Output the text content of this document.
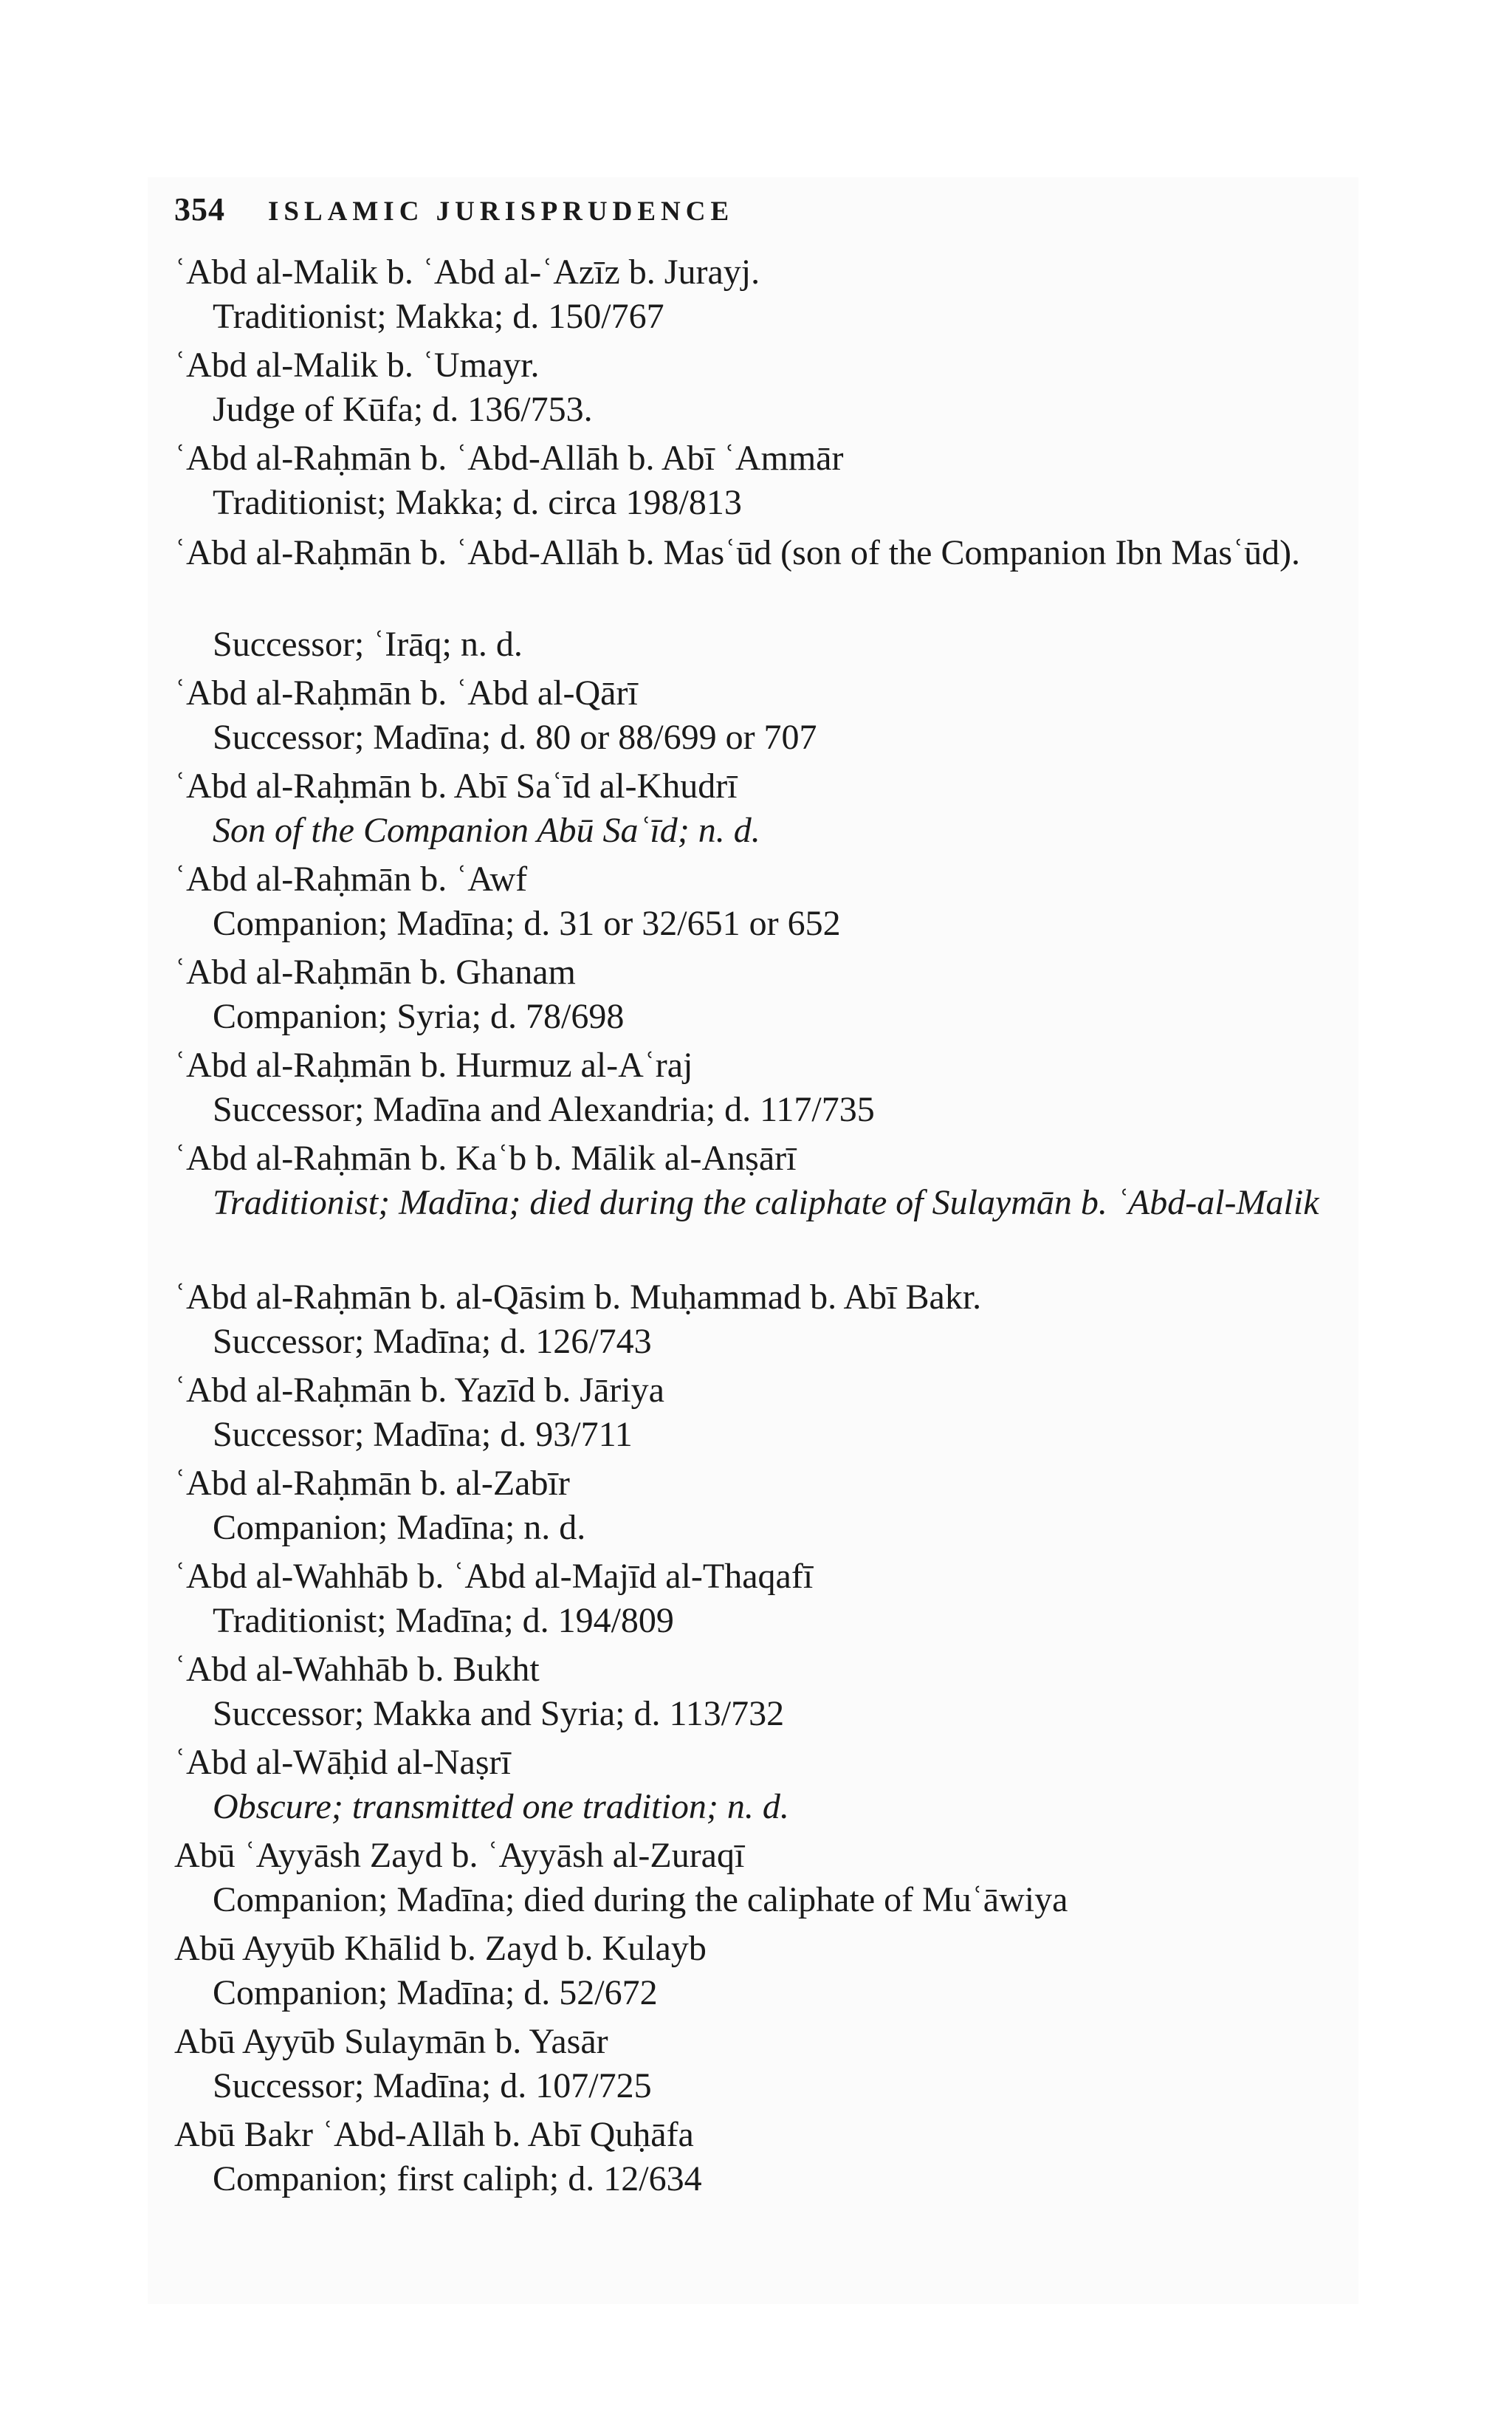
354 ISLAMIC JURISPRUDENCE
ʿAbd al-Malik b. ʿAbd al-ʿAzīz b. Jurayj.
Traditionist; Makka; d. 150/767
ʿAbd al-Malik b. ʿUmayr.
Judge of Kūfa; d. 136/753.
ʿAbd al-Raḥmān b. ʿAbd-Allāh b. Abī ʿAmmār
Traditionist; Makka; d. circa 198/813
ʿAbd al-Raḥmān b. ʿAbd-Allāh b. Masʿūd (son of the Companion Ibn Masʿūd).
Successor; ʿIrāq; n. d.
ʿAbd al-Raḥmān b. ʿAbd al-Qārī
Successor; Madīna; d. 80 or 88/699 or 707
ʿAbd al-Raḥmān b. Abī Saʿīd al-Khudrī
Son of the Companion Abū Saʿīd; n. d.
ʿAbd al-Raḥmān b. ʿAwf
Companion; Madīna; d. 31 or 32/651 or 652
ʿAbd al-Raḥmān b. Ghanam
Companion; Syria; d. 78/698
ʿAbd al-Raḥmān b. Hurmuz al-Aʿraj
Successor; Madīna and Alexandria; d. 117/735
ʿAbd al-Raḥmān b. Kaʿb b. Mālik al-Anṣārī
Traditionist; Madīna; died during the caliphate of Sulaymān b. ʿAbd-al-Malik
ʿAbd al-Raḥmān b. al-Qāsim b. Muḥammad b. Abī Bakr.
Successor; Madīna; d. 126/743
ʿAbd al-Raḥmān b. Yazīd b. Jāriya
Successor; Madīna; d. 93/711
ʿAbd al-Raḥmān b. al-Zabīr
Companion; Madīna; n. d.
ʿAbd al-Wahhāb b. ʿAbd al-Majīd al-Thaqafī
Traditionist; Madīna; d. 194/809
ʿAbd al-Wahhāb b. Bukht
Successor; Makka and Syria; d. 113/732
ʿAbd al-Wāḥid al-Naṣrī
Obscure; transmitted one tradition; n. d.
Abū ʿAyyāsh Zayd b. ʿAyyāsh al-Zuraqī
Companion; Madīna; died during the caliphate of Muʿāwiya
Abū Ayyūb Khālid b. Zayd b. Kulayb
Companion; Madīna; d. 52/672
Abū Ayyūb Sulaymān b. Yasār
Successor; Madīna; d. 107/725
Abū Bakr ʿAbd-Allāh b. Abī Quḥāfa
Companion; first caliph; d. 12/634
